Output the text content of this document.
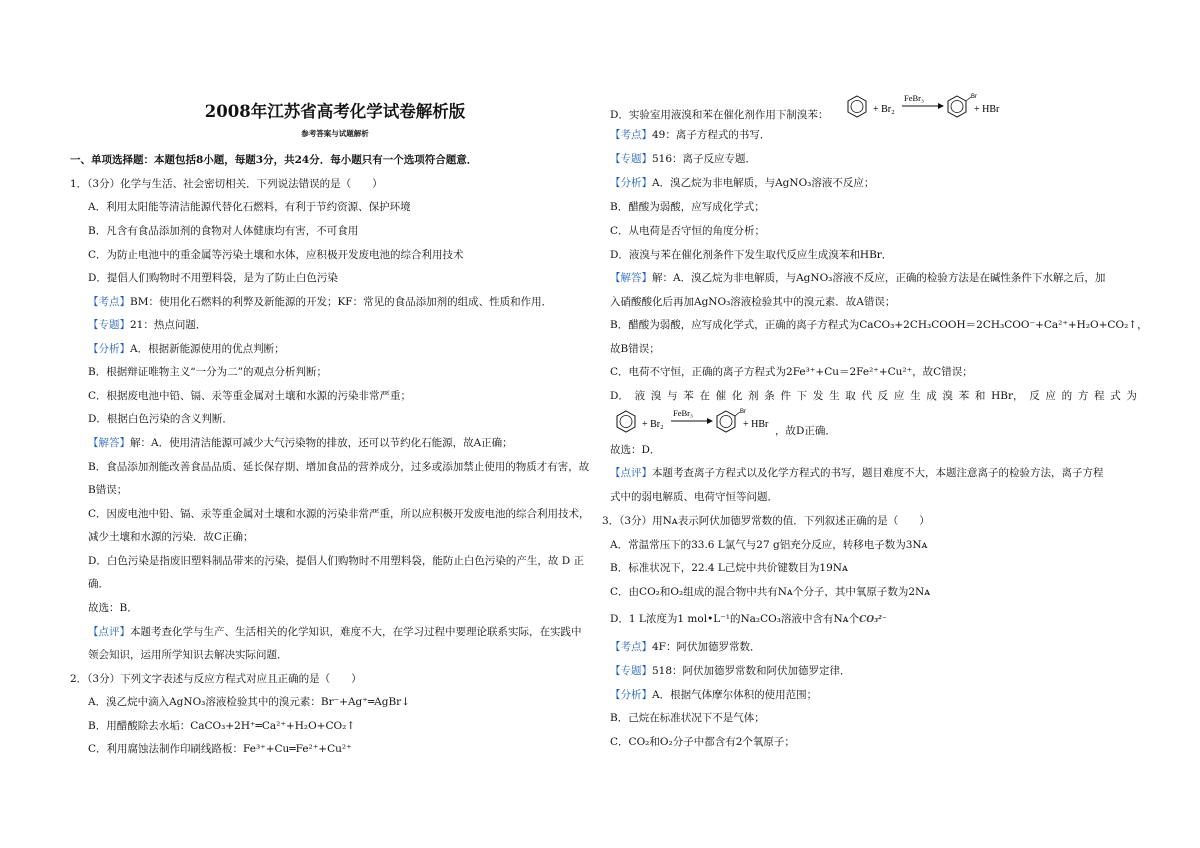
2008年江苏省高考化学试卷解析版
参考答案与试题解析
一、单项选择题：本题包括8小题，每题3分，共24分．每小题只有一个选项符合题意．
1．（3分）化学与生活、社会密切相关．下列说法错误的是（　　）
A．利用太阳能等清洁能源代替化石燃料，有利于节约资源、保护环境
B．凡含有食品添加剂的食物对人体健康均有害，不可食用
C．为防止电池中的重金属等污染土壤和水体，应积极开发废电池的综合利用技术
D．提倡人们购物时不用塑料袋，是为了防止白色污染
【考点】BM：使用化石燃料的利弊及新能源的开发；KF：常见的食品添加剂的组成、性质和作用．
【专题】21：热点问题．
【分析】A．根据新能源使用的优点判断；
B．根据辩证唯物主义“一分为二”的观点分析判断；
C．根据废电池中铅、镉、汞等重金属对土壤和水源的污染非常严重；
D．根据白色污染的含义判断．
【解答】解：A．使用清洁能源可减少大气污染物的排放，还可以节约化石能源，故A正确；
B．食品添加剂能改善食品品质、延长保存期、增加食品的营养成分，过多或添加禁止使用的物质才有害，故
B错误；
C．因废电池中铅、镉、汞等重金属对土壤和水源的污染非常严重，所以应积极开发废电池的综合利用技术，
减少土壤和水源的污染．故C正确；
D．白色污染是指废旧塑料制品带来的污染，提倡人们购物时不用塑料袋，能防止白色污染的产生，故 D 正
确．
故选：B．
【点评】本题考查化学与生产、生活相关的化学知识，难度不大，在学习过程中要理论联系实际，在实践中
领会知识，运用所学知识去解决实际问题．
2．（3分）下列文字表述与反应方程式对应且正确的是（　　）
A．溴乙烷中滴入AgNO₃溶液检验其中的溴元素：Br⁻+Ag⁺═AgBr↓
B．用醋酸除去水垢：CaCO₃+2H⁺═Ca²⁺+H₂O+CO₂↑
C．利用腐蚀法制作印刷线路板：Fe³⁺+Cu═Fe²⁺+Cu²⁺
D．实验室用液溴和苯在催化剂作用下制溴苯：	+ Br₂
FeBr₃	Br
+ HBr
【考点】49：离子方程式的书写．
【专题】516：离子反应专题．
【分析】A．溴乙烷为非电解质，与AgNO₃溶液不反应；
B．醋酸为弱酸，应写成化学式；
C．从电荷是否守恒的角度分析；
D．液溴与苯在催化剂条件下发生取代反应生成溴苯和HBr．
【解答】解：A．溴乙烷为非电解质，与AgNO₃溶液不反应，正确的检验方法是在碱性条件下水解之后，加
入硝酸酸化后再加AgNO₃溶液检验其中的溴元素．故A错误；
B．醋酸为弱酸，应写成化学式，正确的离子方程式为CaCO₃+2CH₃COOH＝2CH₃COO⁻+Ca²⁺+H₂O+CO₂↑，
故B错误；
C．电荷不守恒，正确的离子方程式为2Fe³⁺+Cu＝2Fe²⁺+Cu²⁺，故C错误；
D． 液 溴 与 苯 在 催 化 剂 条 件 下 发 生 取 代 反 应 生 成 溴 苯 和 HBr， 反 应 的 方 程 式 为
+ Br₂
FeBr₃	Br
+ HBr
，故D正确．
故选：D．
【点评】本题考查离子方程式以及化学方程式的书写，题目难度不大，本题注意离子的检验方法，离子方程
式中的弱电解质、电荷守恒等问题．
3．（3分）用Nᴀ表示阿伏加德罗常数的值．下列叙述正确的是（　　）
A．常温常压下的33.6 L氯气与27 g铝充分反应，转移电子数为3Nᴀ
B．标准状况下，22.4 L己烷中共价键数目为19Nᴀ
C．由CO₂和O₂组成的混合物中共有Nᴀ个分子，其中氧原子数为2Nᴀ
D．1 L浓度为1 mol•L⁻¹的Na₂CO₃溶液中含有Nᴀ个CO₃²⁻
【考点】4F：阿伏加德罗常数．
【专题】518：阿伏加德罗常数和阿伏加德罗定律．
【分析】A．根据气体摩尔体积的使用范围；
B．己烷在标准状况下不是气体；
C．CO₂和O₂分子中都含有2个氧原子；
